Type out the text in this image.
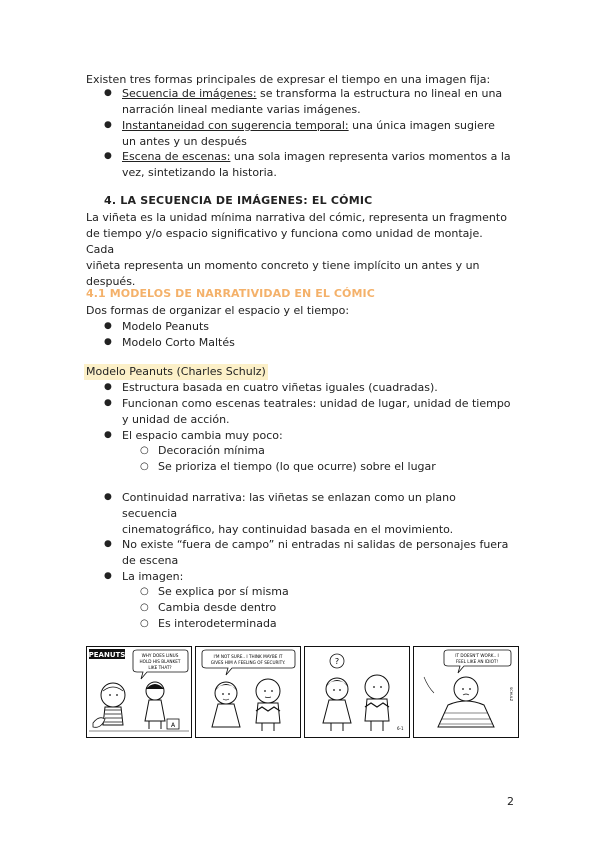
Existen tres formas principales de expresar el tiempo en una imagen fija:
● Secuencia de imágenes: se transforma la estructura no lineal en una
narración lineal mediante varias imágenes.
● Instantaneidad con sugerencia temporal: una única imagen sugiere
un antes y un después
● Escena de escenas: una sola imagen representa varios momentos a la
vez, sintetizando la historia.
4. LA SECUENCIA DE IMÁGENES: EL CÓMIC
La viñeta es la unidad mínima narrativa del cómic, representa un fragmento
de tiempo y/o espacio significativo y funciona como unidad de montaje. Cada
viñeta representa un momento concreto y tiene implícito un antes y un
después.
4.1 MODELOS DE NARRATIVIDAD EN EL CÓMIC
Dos formas de organizar el espacio y el tiempo:
● Modelo Peanuts
● Modelo Corto Maltés
Modelo Peanuts (Charles Schulz)
● Estructura basada en cuatro viñetas iguales (cuadradas).
● Funcionan como escenas teatrales: unidad de lugar, unidad de tiempo
y unidad de acción.
● El espacio cambia muy poco:
○ Decoración mínima
○ Se prioriza el tiempo (lo que ocurre) sobre el lugar
● Continuidad narrativa: las viñetas se enlazan como un plano secuencia
cinematográfico, hay continuidad basada en el movimiento.
● No existe “fuera de campo” ni entradas ni salidas de personajes fuera
de escena
● La imagen:
○ Se explica por sí misma
○ Cambia desde dentro
○ Es interodeterminada
PEANUTS	WHY DOES LINUS
HOLD HIS BLANKET
LIKE THAT?
A
I'M NOT SURE.. I THINK MAYBE IT
GIVES HIM A FEELING OF SECURITY.	?
6-1
IT DOESN'T WORK.. I
FEEL LIKE AN IDIOT!
SCHULZ
2
